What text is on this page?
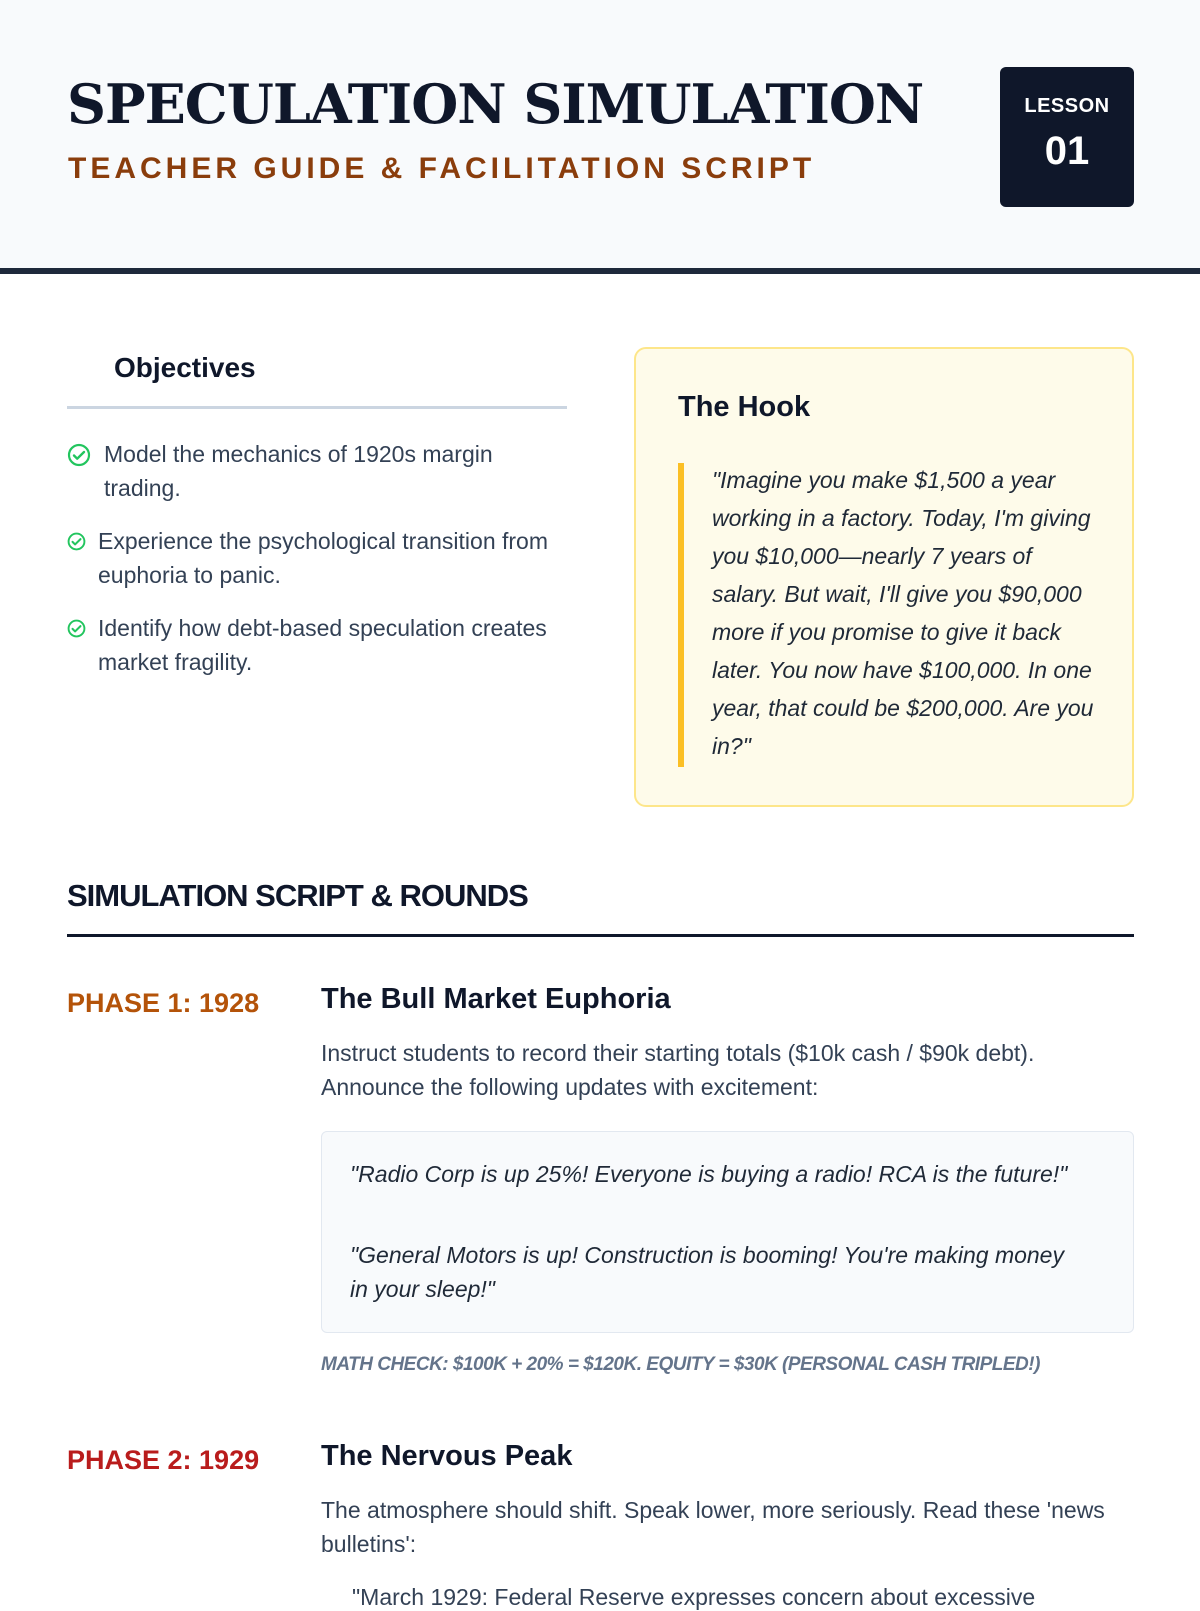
SPECULATION SIMULATION
TEACHER GUIDE & FACILITATION SCRIPT
LESSON
01
Objectives
Model the mechanics of 1920s margin trading.
Experience the psychological transition from euphoria to panic.
Identify how debt-based speculation creates market fragility.
The Hook

"Imagine you make $1,500 a year working in a factory. Today, I'm giving you $10,000—nearly 7 years of salary. But wait, I'll give you $90,000 more if you promise to give it back later. You now have $100,000. In one year, that could be $200,000. Are you in?"

SIMULATION SCRIPT & ROUNDS
PHASE 1: 1928 The Bull Market Euphoria

Instruct students to record their starting totals ($10k cash / $90k debt). Announce the following updates with excitement:

"Radio Corp is up 25%! Everyone is buying a radio! RCA is the future!"

"General Motors is up! Construction is booming! You're making money in your sleep!"

MATH CHECK: $100K + 20% = $120K. EQUITY = $30K (PERSONAL CASH TRIPLED!)

PHASE 2: 1929 The Nervous Peak

The atmosphere should shift. Speak lower, more seriously. Read these 'news bulletins':

"March 1929: Federal Reserve expresses concern about excessive
